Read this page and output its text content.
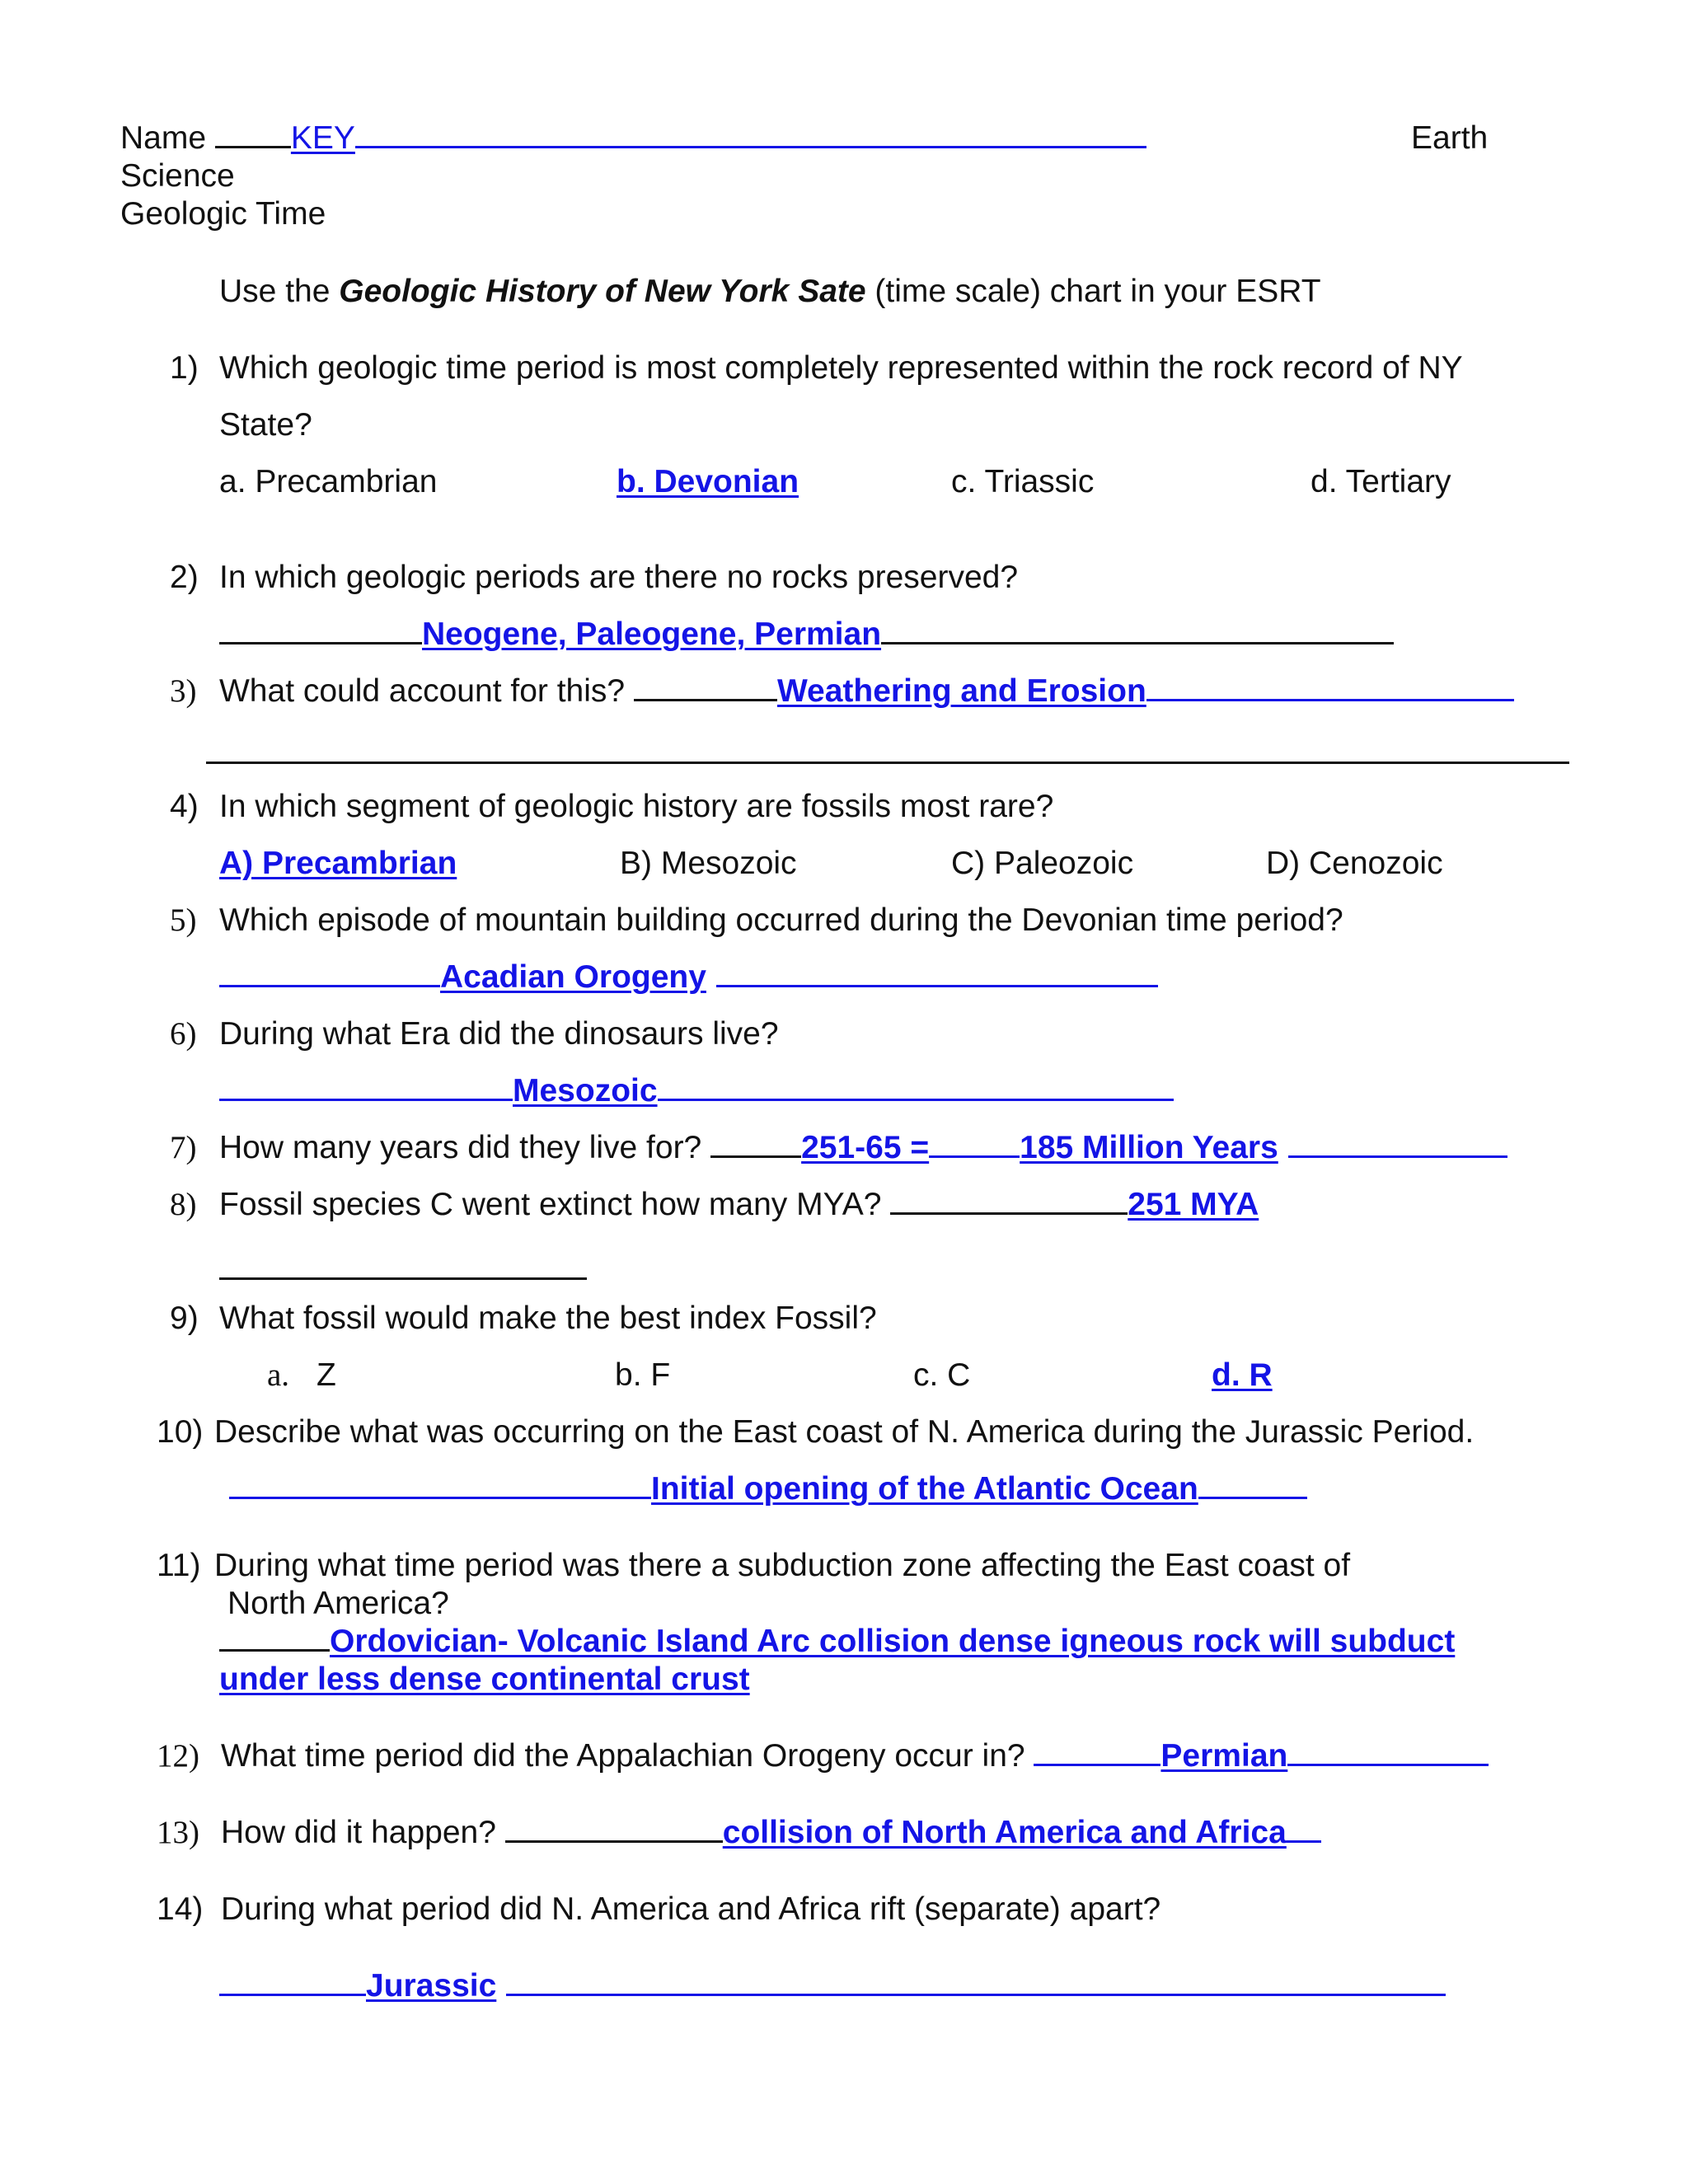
Name	KEY	Earth
Science
Geologic Time
Use the Geologic History of New York Sate (time scale) chart in your ESRT
1) Which geologic time period is most completely represented within the rock record of NY
State?
a. Precambrian	b. Devonian	c. Triassic	d. Tertiary
2) In which geologic periods are there no rocks preserved?
Neogene, Paleogene, Permian
3) What could account for this?	Weathering and Erosion
4) In which segment of geologic history are fossils most rare?
A) Precambrian	B) Mesozoic	C) Paleozoic	D) Cenozoic
5) Which episode of mountain building occurred during the Devonian time period?
Acadian Orogeny
6) During what Era did the dinosaurs live?
Mesozoic
7) How many years did they live for?	251-65 =	185 Million Years
8) Fossil species C went extinct how many MYA?	251 MYA
9) What fossil would make the best index Fossil?
a. Z	b. F	c. C	d. R
10) Describe what was occurring on the East coast of N. America during the Jurassic Period.
Initial opening of the Atlantic Ocean
11) During what time period was there a subduction zone affecting the East coast of
North America?
Ordovician- Volcanic Island Arc collision dense igneous rock will subduct
under less dense continental crust
12) What time period did the Appalachian Orogeny occur in?	Permian
13) How did it happen?	collision of North America and Africa
14) During what period did N. America and Africa rift (separate) apart?
Jurassic
